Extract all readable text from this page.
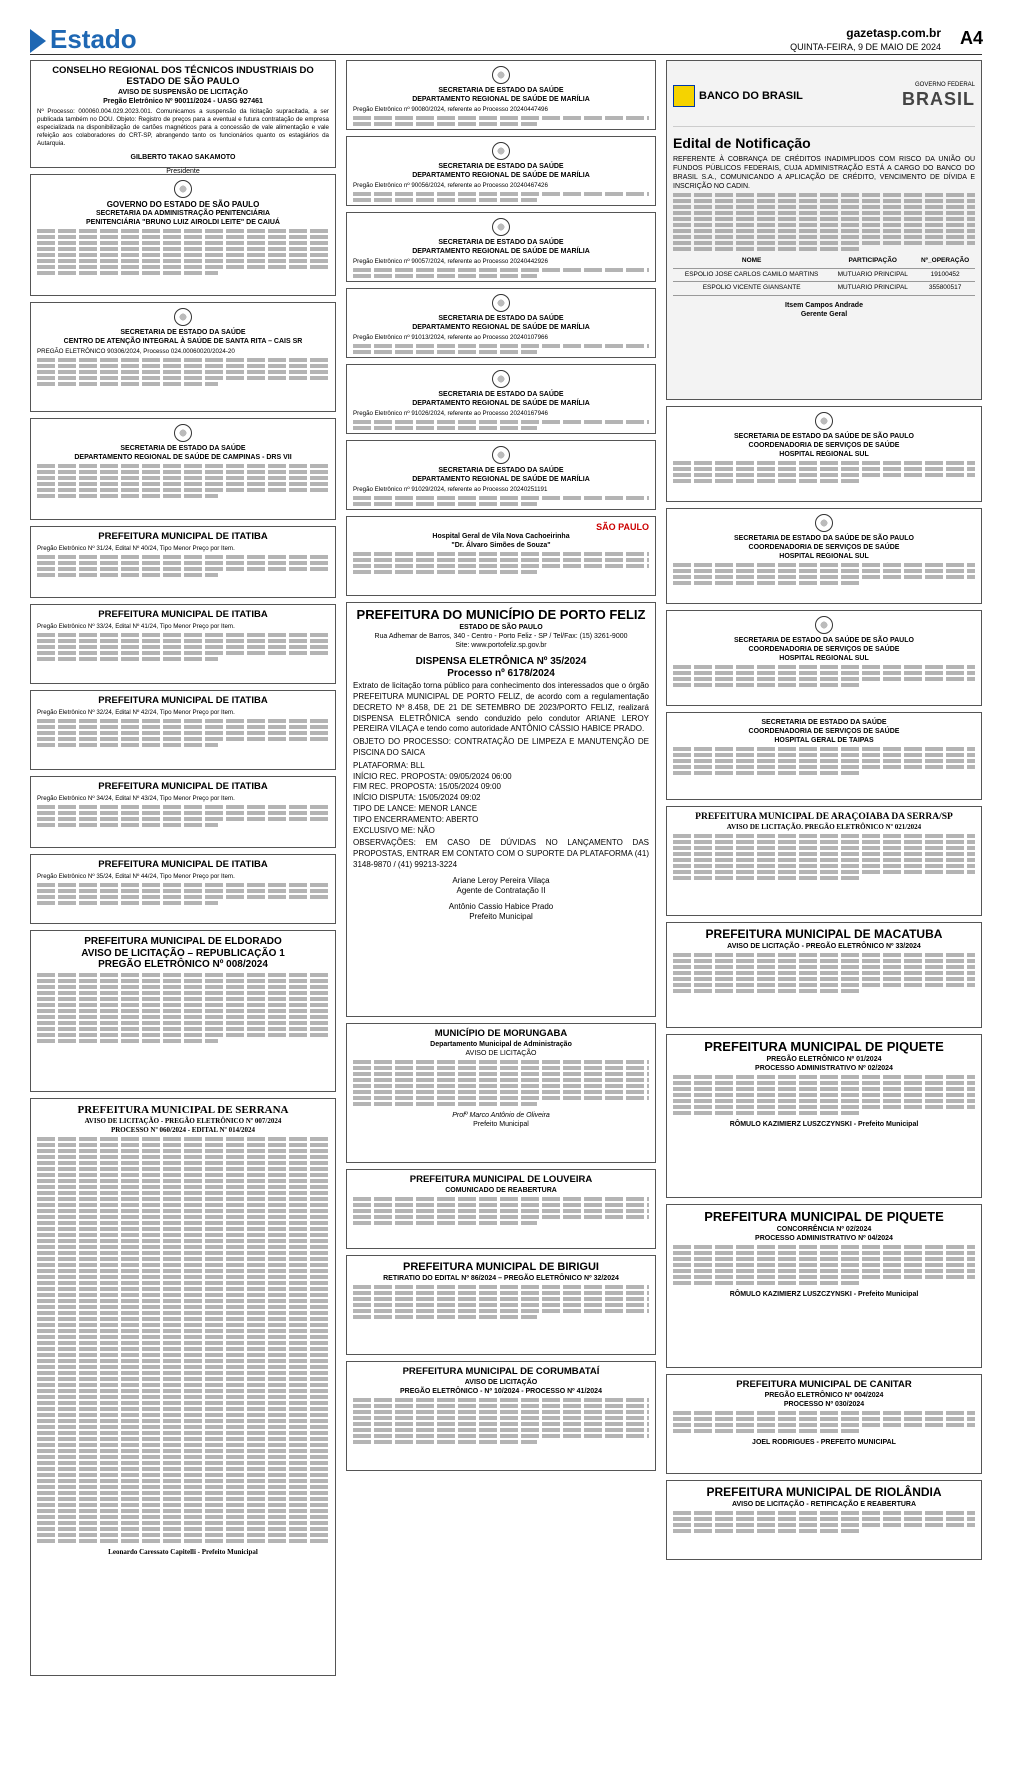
Estado	gazetasp.com.br
QUINTA-FEIRA, 9 DE MAIO DE 2024 A4
CONSELHO REGIONAL DOS TÉCNICOS INDUSTRIAIS DO ESTADO DE SÃO PAULO
AVISO DE SUSPENSÃO DE LICITAÇÃO
Pregão Eletrônico Nº 90011/2024 - UASG 927461

Nº Processo: 000060.004.029.2023.001. Comunicamos a suspensão da licitação supracitada, a ser publicada também no DOU. Objeto: Registro de preços para a eventual e futura contratação de empresa especializada na disponibilização de cartões magnéticos para a concessão de vale alimentação e vale refeição aos colaboradores do CRT-SP, abrangendo tanto os funcionários quanto os estagiários da Autarquia.

GILBERTO TAKAO SAKAMOTO
Presidente
GOVERNO DO ESTADO DE SÃO PAULO
SECRETARIA DA ADMINISTRAÇÃO PENITENCIÁRIA
PENITENCIÁRIA "BRUNO LUIZ AIROLDI LEITE" DE CAIUÁ
SECRETARIA DE ESTADO DA SAÚDE
CENTRO DE ATENÇÃO INTEGRAL À SAÚDE DE SANTA RITA – CAIS SR

PREGÃO ELETRÔNICO 90306/2024, Processo 024.00060020/2024-20

SECRETARIA DE ESTADO DA SAÚDE
DEPARTAMENTO REGIONAL DE SAÚDE DE CAMPINAS - DRS VII
PREFEITURA MUNICIPAL DE ITATIBA

Pregão Eletrônico Nº 31/24, Edital Nº 40/24, Tipo Menor Preço por Item.

PREFEITURA MUNICIPAL DE ITATIBA

Pregão Eletrônico Nº 33/24, Edital Nº 41/24, Tipo Menor Preço por Item.

PREFEITURA MUNICIPAL DE ITATIBA

Pregão Eletrônico Nº 32/24, Edital Nº 42/24, Tipo Menor Preço por Item.

PREFEITURA MUNICIPAL DE ITATIBA

Pregão Eletrônico Nº 34/24, Edital Nº 43/24, Tipo Menor Preço por Item.

PREFEITURA MUNICIPAL DE ITATIBA

Pregão Eletrônico Nº 35/24, Edital Nº 44/24, Tipo Menor Preço por Item.

PREFEITURA MUNICIPAL DE ELDORADO
AVISO DE LICITAÇÃO – REPUBLICAÇÃO 1
PREGÃO ELETRÔNICO Nº 008/2024
PREFEITURA MUNICIPAL DE SERRANA
AVISO DE LICITAÇÃO - PREGÃO ELETRÔNICO Nº 007/2024
PROCESSO Nº 060/2024 - EDITAL Nº 014/2024
Leonardo Caressato Capitelli - Prefeito Municipal
SECRETARIA DE ESTADO DA SAÚDE
DEPARTAMENTO REGIONAL DE SAÚDE DE MARÍLIA

Pregão Eletrônico nº 90080/2024, referente ao Processo 20240447496

SECRETARIA DE ESTADO DA SAÚDE
DEPARTAMENTO REGIONAL DE SAÚDE DE MARÍLIA

Pregão Eletrônico nº 90056/2024, referente ao Processo 20240467426

SECRETARIA DE ESTADO DA SAÚDE
DEPARTAMENTO REGIONAL DE SAÚDE DE MARÍLIA

Pregão Eletrônico nº 90057/2024, referente ao Processo 20240442926

SECRETARIA DE ESTADO DA SAÚDE
DEPARTAMENTO REGIONAL DE SAÚDE DE MARÍLIA

Pregão Eletrônico nº 91013/2024, referente ao Processo 20240107966

SECRETARIA DE ESTADO DA SAÚDE
DEPARTAMENTO REGIONAL DE SAÚDE DE MARÍLIA

Pregão Eletrônico nº 91026/2024, referente ao Processo 20240167946

SECRETARIA DE ESTADO DA SAÚDE
DEPARTAMENTO REGIONAL DE SAÚDE DE MARÍLIA

Pregão Eletrônico nº 91029/2024, referente ao Processo 20240251191

SÃO PAULO
Hospital Geral de Vila Nova Cachoeirinha
"Dr. Álvaro Simões de Souza"
PREFEITURA DO MUNICÍPIO DE PORTO FELIZ
ESTADO DE SÃO PAULO
Rua Adhemar de Barros, 340 - Centro - Porto Feliz - SP / Tel/Fax: (15) 3261-9000
Site: www.portofeliz.sp.gov.br
DISPENSA ELETRÔNICA Nº 35/2024
Processo nº 6178/2024

Extrato de licitação torna público para conhecimento dos interessados que o órgão PREFEITURA MUNICIPAL DE PORTO FELIZ, de acordo com a regulamentação DECRETO Nº 8.458, DE 21 DE SETEMBRO DE 2023/PORTO FELIZ, realizará DISPENSA ELETRÔNICA sendo conduzido pelo condutor ARIANE LEROY PEREIRA VILAÇA e tendo como autoridade ANTÔNIO CÁSSIO HABICE PRADO.

OBJETO DO PROCESSO: CONTRATAÇÃO DE LIMPEZA E MANUTENÇÃO DE PISCINA DO SAICA

PLATAFORMA: BLL
INÍCIO REC. PROPOSTA: 09/05/2024 06:00
FIM REC. PROPOSTA: 15/05/2024 09:00
INÍCIO DISPUTA: 15/05/2024 09:02
TIPO DE LANCE: MENOR LANCE
TIPO ENCERRAMENTO: ABERTO
EXCLUSIVO ME: NÃO

OBSERVAÇÕES: EM CASO DE DÚVIDAS NO LANÇAMENTO DAS PROPOSTAS, ENTRAR EM CONTATO COM O SUPORTE DA PLATAFORMA (41) 3148-9870 / (41) 99213-3224

Ariane Leroy Pereira Vilaça
Agente de Contratação II
Antônio Cassio Habice Prado
Prefeito Municipal
MUNICÍPIO DE MORUNGABA
Departamento Municipal de Administração
AVISO DE LICITAÇÃO
Profº Marco Antônio de Oliveira
Prefeito Municipal
PREFEITURA MUNICIPAL DE LOUVEIRA
COMUNICADO DE REABERTURA
PREFEITURA MUNICIPAL DE BIRIGUI
RETIRATIO DO EDITAL Nº 86/2024 – PREGÃO ELETRÔNICO Nº 32/2024
PREFEITURA MUNICIPAL DE CORUMBATAÍ
AVISO DE LICITAÇÃO
PREGÃO ELETRÔNICO - Nº 10/2024 - PROCESSO Nº 41/2024
BANCO DO BRASIL
GOVERNO FEDERAL
BRASIL
Edital de Notificação

REFERENTE À COBRANÇA DE CRÉDITOS INADIMPLIDOS COM RISCO DA UNIÃO OU FUNDOS PÚBLICOS FEDERAIS, CUJA ADMINISTRAÇÃO ESTÁ A CARGO DO BANCO DO BRASIL S.A., COMUNICANDO A APLICAÇÃO DE CRÉDITO, VENCIMENTO DE DÍVIDA E INSCRIÇÃO NO CADIN.

NOME	PARTICIPAÇÃO	Nº_OPERAÇÃO
ESPOLIO JOSE CARLOS CAMILO MARTINS	MUTUARIO PRINCIPAL	19100452
ESPOLIO VICENTE GIANSANTE	MUTUARIO PRINCIPAL	355800517
Itsem Campos Andrade
Gerente Geral
SECRETARIA DE ESTADO DA SAÚDE DE SÃO PAULO
COORDENADORIA DE SERVIÇOS DE SAÚDE
HOSPITAL REGIONAL SUL
SECRETARIA DE ESTADO DA SAÚDE DE SÃO PAULO
COORDENADORIA DE SERVIÇOS DE SAÚDE
HOSPITAL REGIONAL SUL
SECRETARIA DE ESTADO DA SAÚDE DE SÃO PAULO
COORDENADORIA DE SERVIÇOS DE SAÚDE
HOSPITAL REGIONAL SUL
SECRETARIA DE ESTADO DA SAÚDE
COORDENADORIA DE SERVIÇOS DE SAÚDE
HOSPITAL GERAL DE TAIPAS
PREFEITURA MUNICIPAL DE ARAÇOIABA DA SERRA/SP
AVISO DE LICITAÇÃO. PREGÃO ELETRÔNICO Nº 021/2024
PREFEITURA MUNICIPAL DE MACATUBA
AVISO DE LICITAÇÃO - PREGÃO ELETRÔNICO Nº 33/2024
PREFEITURA MUNICIPAL DE PIQUETE
PREGÃO ELETRÔNICO Nº 01/2024
PROCESSO ADMINISTRATIVO Nº 02/2024
RÔMULO KAZIMIERZ LUSZCZYNSKI - Prefeito Municipal
PREFEITURA MUNICIPAL DE PIQUETE
CONCORRÊNCIA Nº 02/2024
PROCESSO ADMINISTRATIVO Nº 04/2024
RÔMULO KAZIMIERZ LUSZCZYNSKI - Prefeito Municipal
PREFEITURA MUNICIPAL DE CANITAR
PREGÃO ELETRÔNICO Nº 004/2024
PROCESSO Nº 030/2024
JOEL RODRIGUES - PREFEITO MUNICIPAL
PREFEITURA MUNICIPAL DE RIOLÂNDIA
AVISO DE LICITAÇÃO - RETIFICAÇÃO E REABERTURA
